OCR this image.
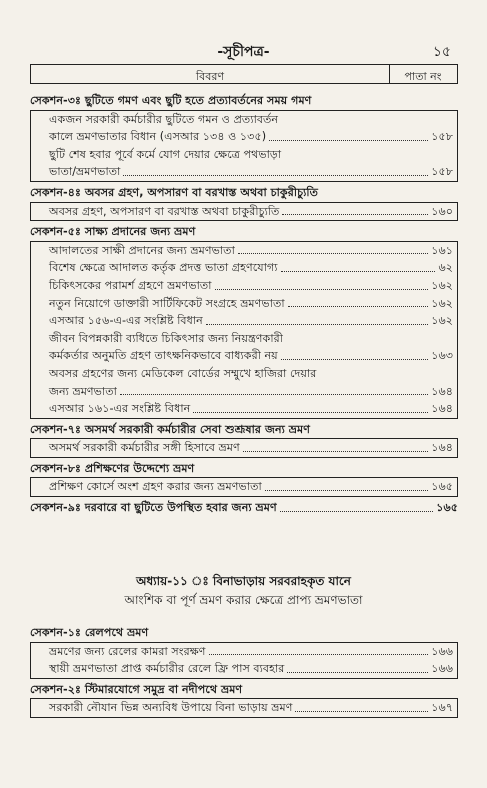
-সূচীপত্র-	১৫
বিবরণ	পাতা নং
সেকশন-৩ঃ ছুটিতে গমণ এবং ছুটি হতে প্রত্যাবর্তনের সময় গমণ
একজন সরকারী কর্মচারীর ছুটিতে গমন ও প্রত্যাবর্তন
কালে ভ্রমণভাতার বিধান (এসআর ১৩৪ ও ১৩৫)	১৫৮
ছুটি শেষ হবার পূর্বে কর্মে যোগ দেয়ার ক্ষেত্রে পথভাড়া
ভাতা/ভ্রমণভাতা	১৫৮
সেকশন-৪ঃ অবসর গ্রহণ, অপসারণ বা বরখাস্ত অথবা চাকুরীচ্যুতি
অবসর গ্রহণ, অপসারণ বা বরখাস্ত অথবা চাকুরীচ্যুতি	১৬০
সেকশন-৫ঃ সাক্ষ্য প্রদানের জন্য ভ্রমণ
আদালতের সাক্ষী প্রদানের জন্য ভ্রমণভাতা	১৬১
বিশেষ ক্ষেত্রে আদালত কর্তৃক প্রদত্ত ভাতা গ্রহণযোগ্য	৬২
চিকিৎসকের পরামর্শ গ্রহণে ভ্রমণভাতা	১৬২
নতুন নিয়োগে ডাক্তারী সার্টিফিকেট সংগ্রহে ভ্রমণভাতা	১৬২
এসআর ১৫৬-এ-এর সংশ্লিষ্ট বিধান	১৬২
জীবন বিপন্নকারী ব্যধিতে চিকিৎসার জন্য নিয়ন্ত্রণকারী
কর্মকর্তার অনুমতি গ্রহণ তাৎক্ষনিকভাবে বাধ্যকরী নয়	১৬৩
অবসর গ্রহণের জন্য মেডিকেল বোর্ডের সম্মুখে হাজিরা দেয়ার
জন্য ভ্রমণভাতা	১৬৪
এসআর ১৬১-এর সংশ্লিষ্ট বিধান	১৬৪
সেকশন-৭ঃ অসমর্থ সরকারী কর্মচারীর সেবা শুশ্রূষার জন্য ভ্রমণ
অসমর্থ সরকারী কর্মচারীর সঙ্গী হিসাবে ভ্রমণ	১৬৪
সেকশন-৮ঃ প্রশিক্ষণের উদ্দেশ্যে ভ্রমণ
প্রশিক্ষণ কোর্সে অংশ গ্রহণ করার জন্য ভ্রমণভাতা	১৬৫
সেকশন-৯ঃ দরবারে বা ছুটিতে উপস্থিত হবার জন্য ভ্রমণ	১৬৫
অধ্যায়-১১ ঃ বিনাভাড়ায় সরবরাহকৃত যানে
আংশিক বা পূর্ণ ভ্রমণ করার ক্ষেত্রে প্রাপ্য ভ্রমণভাতা
সেকশন-১ঃ রেলপথে ভ্রমণ
ভ্রমণের জন্য রেলের কামরা সংরক্ষণ	১৬৬
স্থায়ী ভ্রমণভাতা প্রাপ্ত কর্মচারীর রেলে ফ্রি পাস ব্যবহার	১৬৬
সেকশন-২ঃ স্টিমারযোগে সমুদ্র বা নদীপথে ভ্রমণ
সরকারী নৌযান ভিন্ন অন্যবিধ উপায়ে বিনা ভাড়ায় ভ্রমণ	১৬৭
